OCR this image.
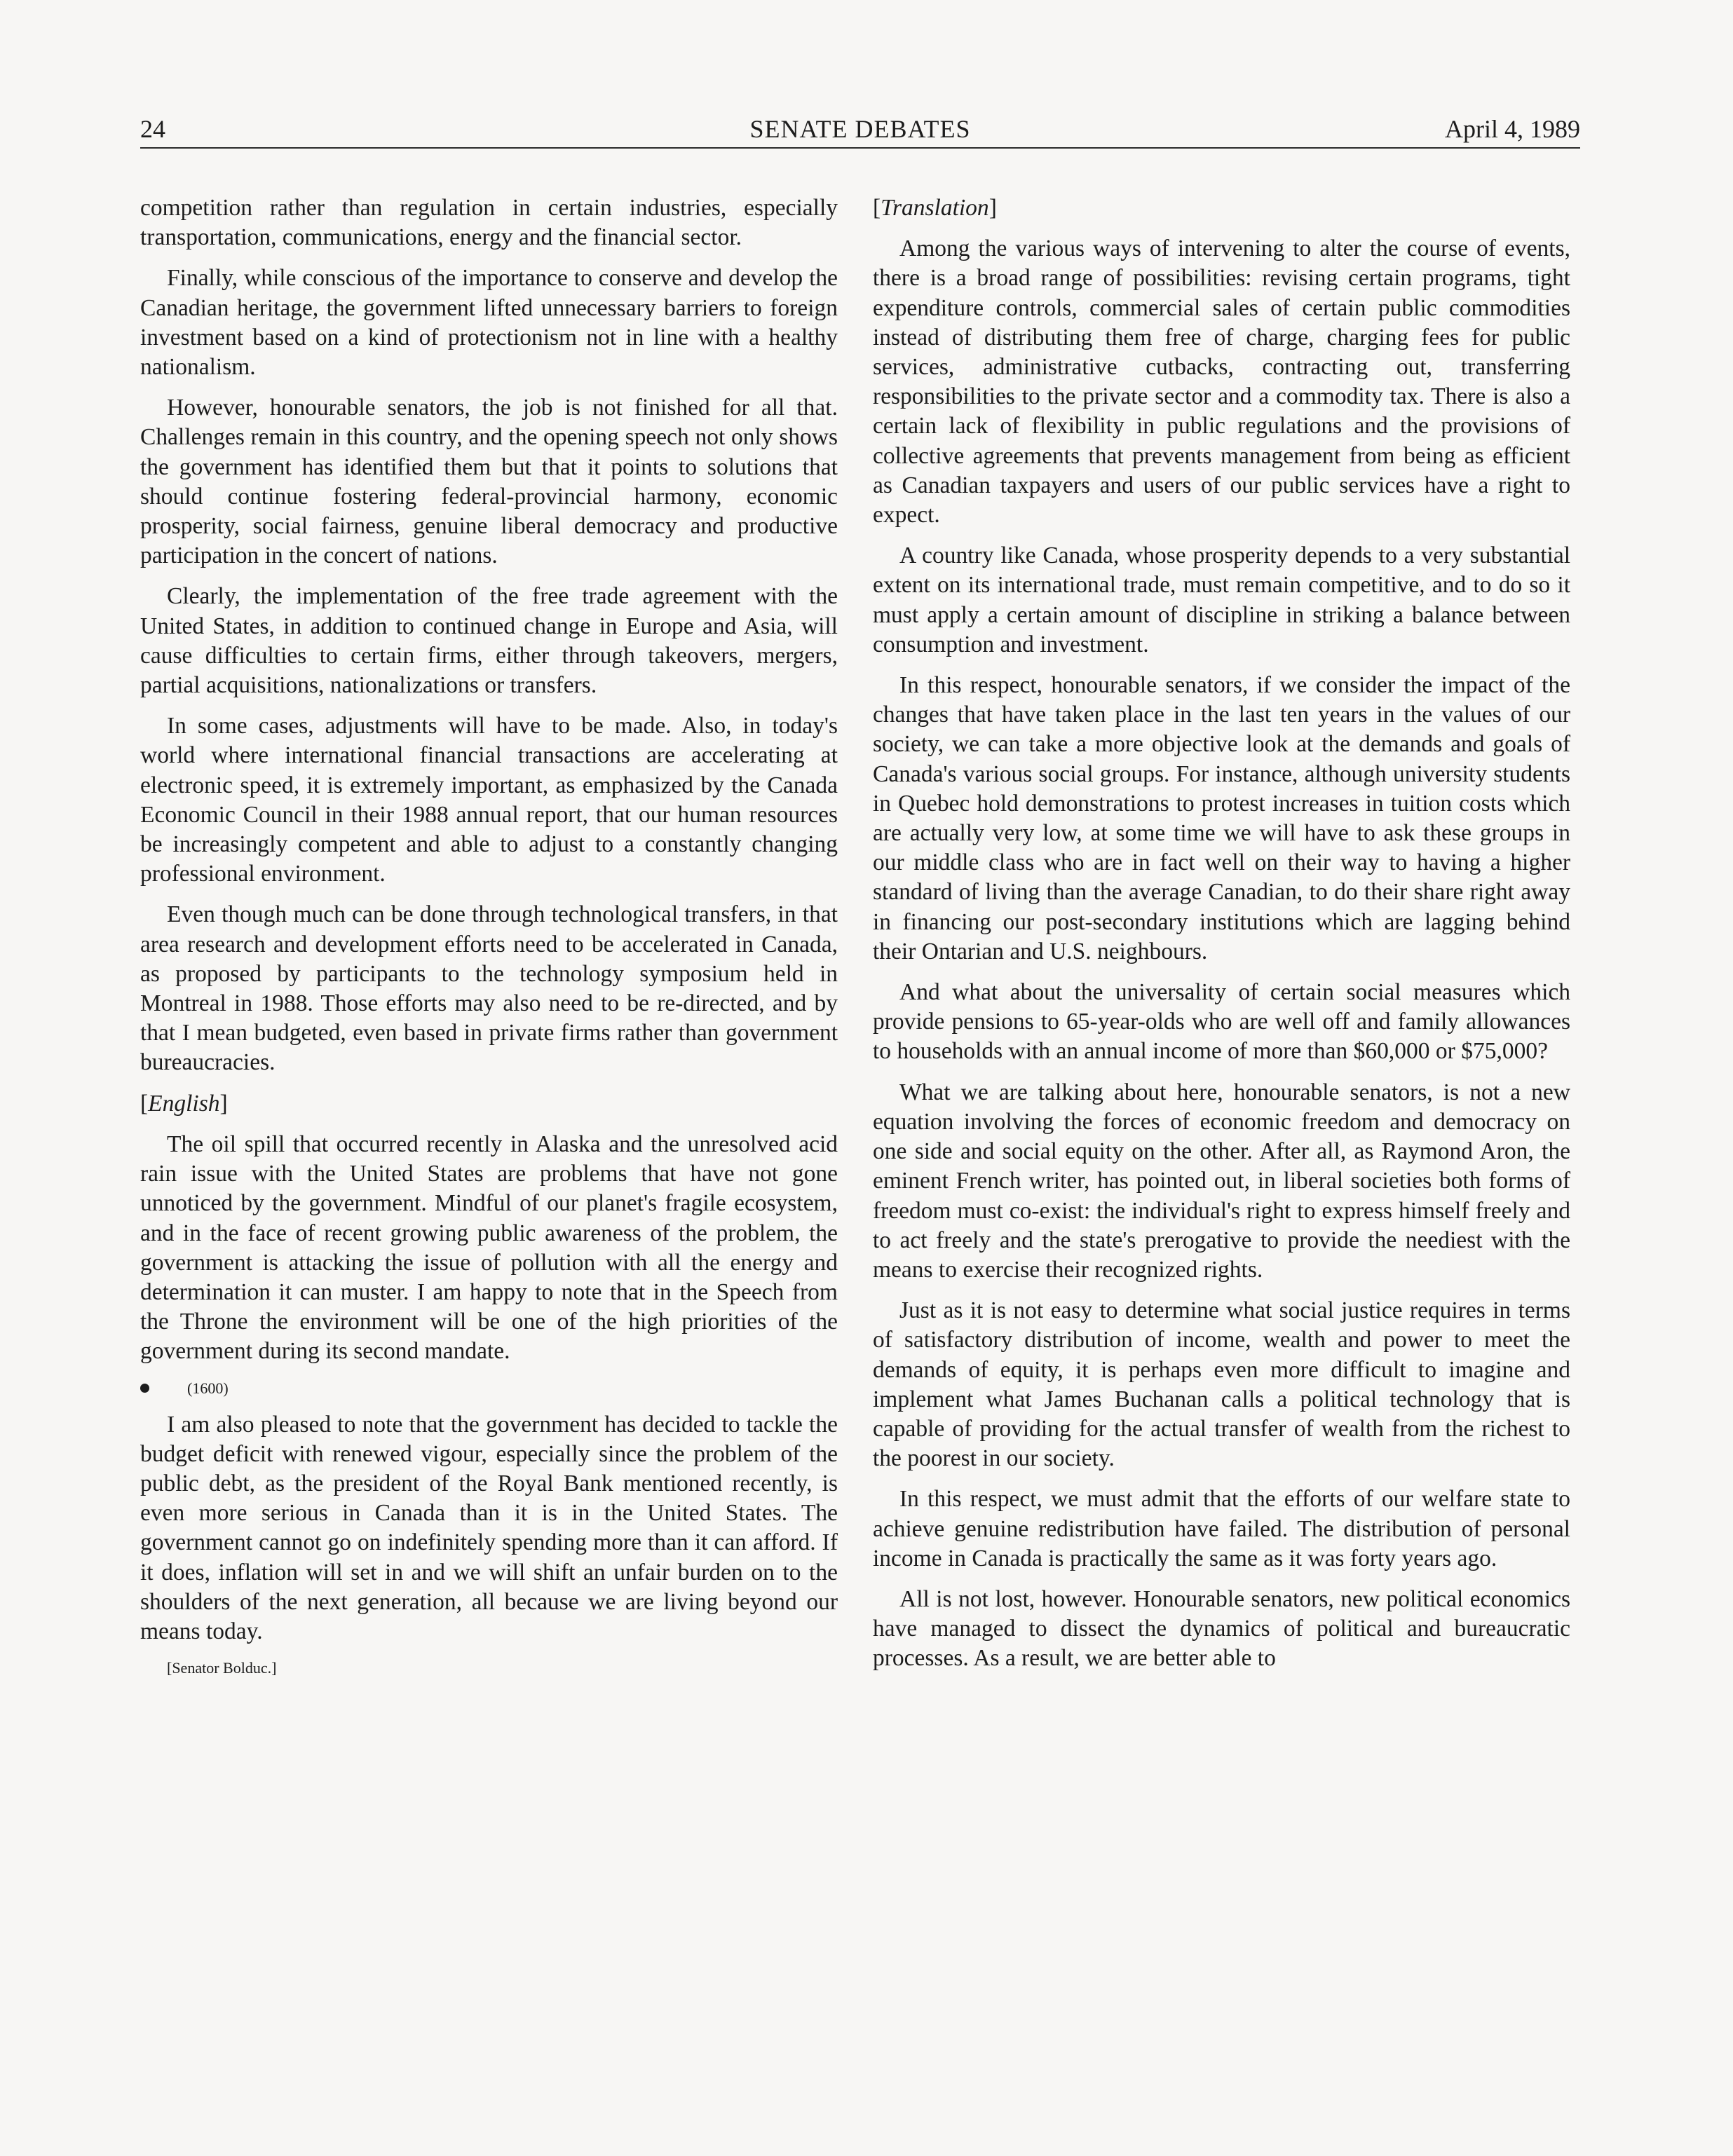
24	SENATE DEBATES	April 4, 1989

competition rather than regulation in certain industries, especially transportation, communications, energy and the financial sector.

Finally, while conscious of the importance to conserve and develop the Canadian heritage, the government lifted unnecessary barriers to foreign investment based on a kind of protectionism not in line with a healthy nationalism.

However, honourable senators, the job is not finished for all that. Challenges remain in this country, and the opening speech not only shows the government has identified them but that it points to solutions that should continue fostering federal-provincial harmony, economic prosperity, social fairness, genuine liberal democracy and productive participation in the concert of nations.

Clearly, the implementation of the free trade agreement with the United States, in addition to continued change in Europe and Asia, will cause difficulties to certain firms, either through takeovers, mergers, partial acquisitions, nationalizations or transfers.

In some cases, adjustments will have to be made. Also, in today's world where international financial transactions are accelerating at electronic speed, it is extremely important, as emphasized by the Canada Economic Council in their 1988 annual report, that our human resources be increasingly competent and able to adjust to a constantly changing professional environment.

Even though much can be done through technological transfers, in that area research and development efforts need to be accelerated in Canada, as proposed by participants to the technology symposium held in Montreal in 1988. Those efforts may also need to be re-directed, and by that I mean budgeted, even based in private firms rather than government bureaucracies.

[English]

The oil spill that occurred recently in Alaska and the unresolved acid rain issue with the United States are problems that have not gone unnoticed by the government. Mindful of our planet's fragile ecosystem, and in the face of recent growing public awareness of the problem, the government is attacking the issue of pollution with all the energy and determination it can muster. I am happy to note that in the Speech from the Throne the environment will be one of the high priorities of the government during its second mandate.

(1600)

I am also pleased to note that the government has decided to tackle the budget deficit with renewed vigour, especially since the problem of the public debt, as the president of the Royal Bank mentioned recently, is even more serious in Canada than it is in the United States. The government cannot go on indefinitely spending more than it can afford. If it does, inflation will set in and we will shift an unfair burden on to the shoulders of the next generation, all because we are living beyond our means today.

[Senator Bolduc.]

[Translation]

Among the various ways of intervening to alter the course of events, there is a broad range of possibilities: revising certain programs, tight expenditure controls, commercial sales of certain public commodities instead of distributing them free of charge, charging fees for public services, administrative cutbacks, contracting out, transferring responsibilities to the private sector and a commodity tax. There is also a certain lack of flexibility in public regulations and the provisions of collective agreements that prevents management from being as efficient as Canadian taxpayers and users of our public services have a right to expect.

A country like Canada, whose prosperity depends to a very substantial extent on its international trade, must remain competitive, and to do so it must apply a certain amount of discipline in striking a balance between consumption and investment.

In this respect, honourable senators, if we consider the impact of the changes that have taken place in the last ten years in the values of our society, we can take a more objective look at the demands and goals of Canada's various social groups. For instance, although university students in Quebec hold demonstrations to protest increases in tuition costs which are actually very low, at some time we will have to ask these groups in our middle class who are in fact well on their way to having a higher standard of living than the average Canadian, to do their share right away in financing our post-secondary institutions which are lagging behind their Ontarian and U.S. neighbours.

And what about the universality of certain social measures which provide pensions to 65-year-olds who are well off and family allowances to households with an annual income of more than $60,000 or $75,000?

What we are talking about here, honourable senators, is not a new equation involving the forces of economic freedom and democracy on one side and social equity on the other. After all, as Raymond Aron, the eminent French writer, has pointed out, in liberal societies both forms of freedom must co-exist: the individual's right to express himself freely and to act freely and the state's prerogative to provide the neediest with the means to exercise their recognized rights.

Just as it is not easy to determine what social justice requires in terms of satisfactory distribution of income, wealth and power to meet the demands of equity, it is perhaps even more difficult to imagine and implement what James Buchanan calls a political technology that is capable of providing for the actual transfer of wealth from the richest to the poorest in our society.

In this respect, we must admit that the efforts of our welfare state to achieve genuine redistribution have failed. The distribution of personal income in Canada is practically the same as it was forty years ago.

All is not lost, however. Honourable senators, new political economics have managed to dissect the dynamics of political and bureaucratic processes. As a result, we are better able to
